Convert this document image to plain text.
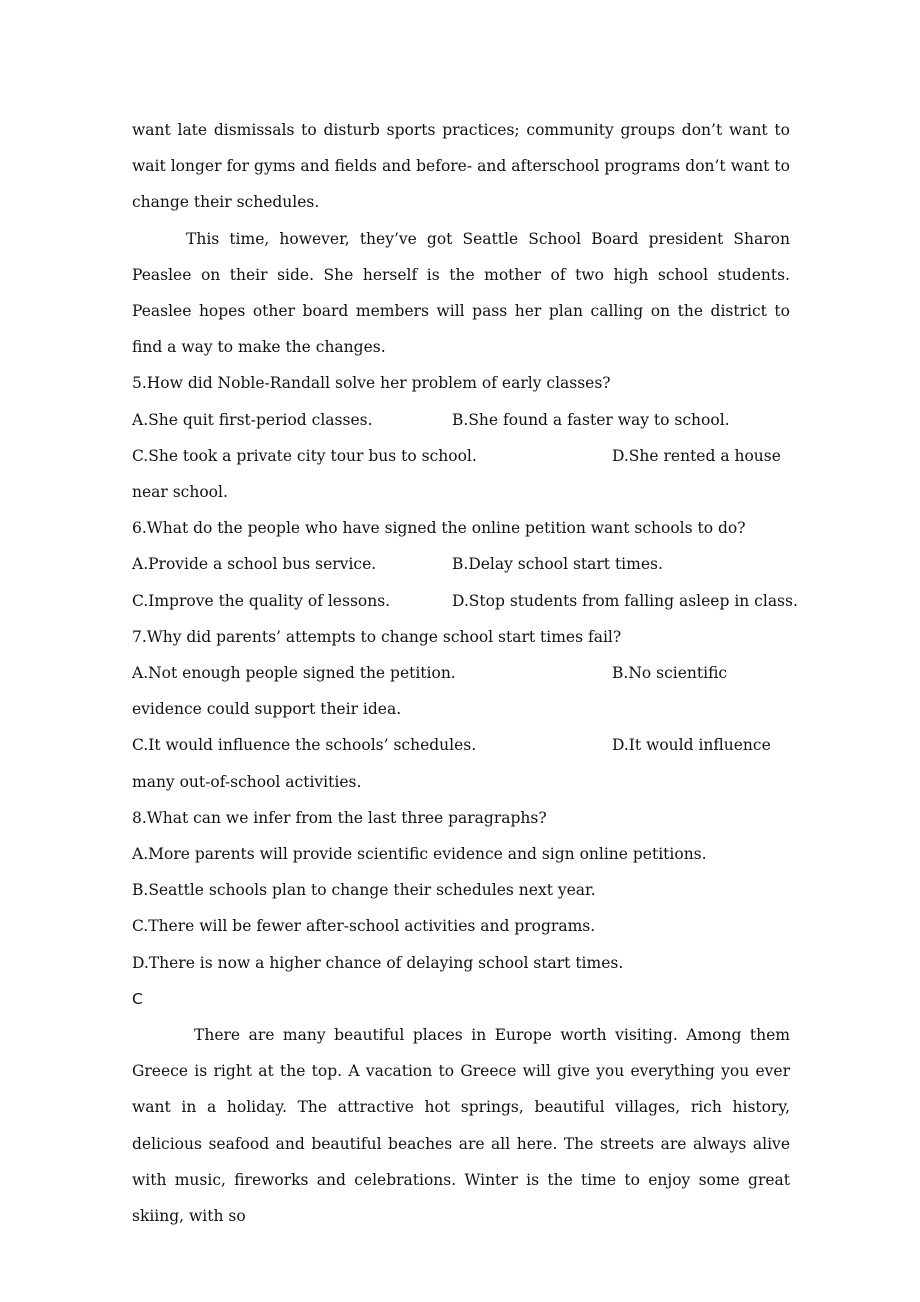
want late dismissals to disturb sports practices; community groups don’t want to wait longer for gyms and fields and before- and afterschool programs don’t want to change their schedules.

This time, however, they’ve got Seattle School Board president Sharon Peaslee on their side. She herself is the mother of two high school students. Peaslee hopes other board members will pass her plan calling on the district to find a way to make the changes.

5.How did Noble-Randall solve her problem of early classes?

A.She quit first-period classes.	B.She found a faster way to school.
C.She took a private city tour bus to school.	D.She rented a house
near school.

6.What do the people who have signed the online petition want schools to do?

A.Provide a school bus service.	B.Delay school start times.
C.Improve the quality of lessons.	D.Stop students from falling asleep in class.

7.Why did parents’ attempts to change school start times fail?

A.Not enough people signed the petition.	B.No scientific
evidence could support their idea.
C.It would influence the schools’ schedules.	D.It would influence
many out-of-school activities.

8.What can we infer from the last three paragraphs?

A.More parents will provide scientific evidence and sign online petitions.

B.Seattle schools plan to change their schedules next year.

C.There will be fewer after-school activities and programs.

D.There is now a higher chance of delaying school start times.

C

There are many beautiful places in Europe worth visiting. Among them Greece is right at the top. A vacation to Greece will give you everything you ever want in a holiday. The attractive hot springs, beautiful villages, rich history, delicious seafood and beautiful beaches are all here. The streets are always alive with music, fireworks and celebrations. Winter is the time to enjoy some great skiing, with so
